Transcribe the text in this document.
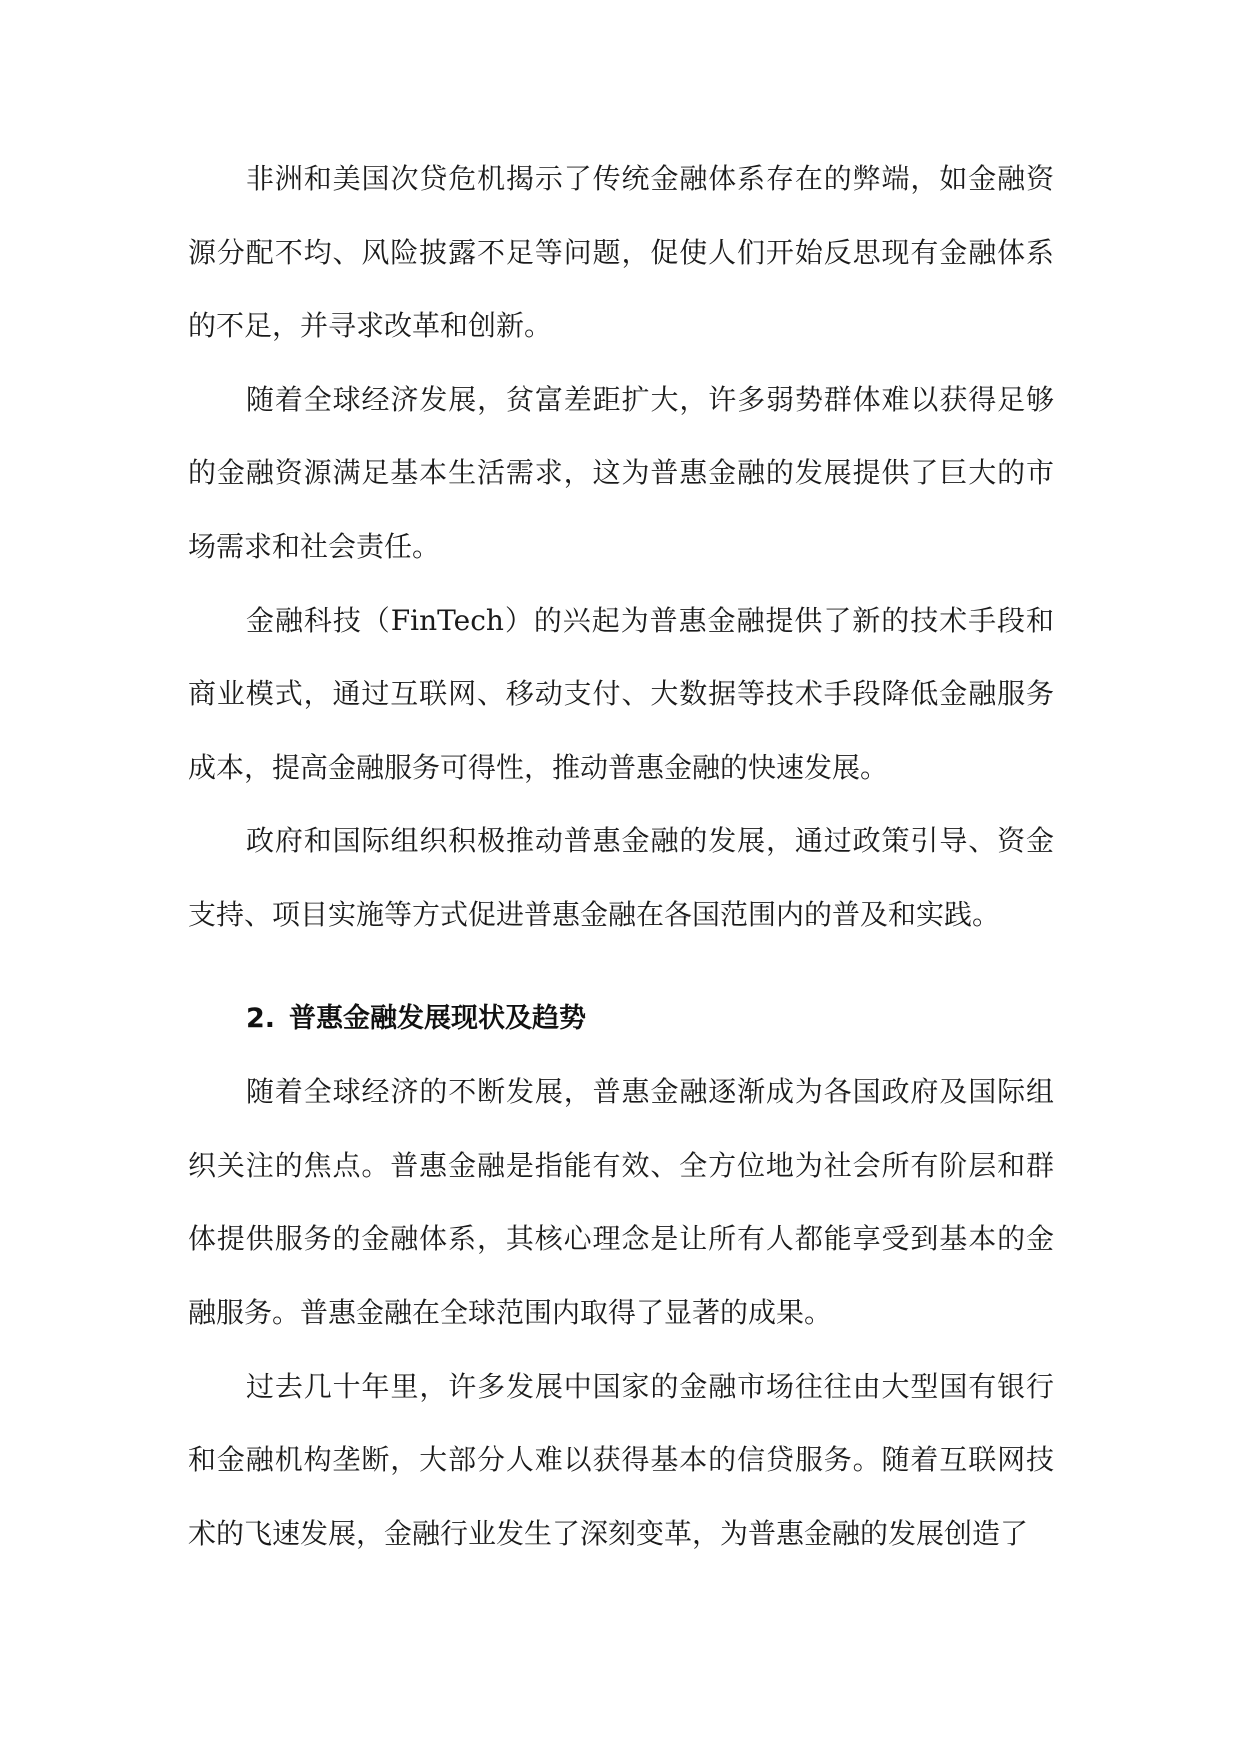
非洲和美国次贷危机揭示了传统金融体系存在的弊端，如金融资源分配不均、风险披露不足等问题，促使人们开始反思现有金融体系的不足，并寻求改革和创新。

随着全球经济发展，贫富差距扩大，许多弱势群体难以获得足够的金融资源满足基本生活需求，这为普惠金融的发展提供了巨大的市场需求和社会责任。

金融科技（FinTech）的兴起为普惠金融提供了新的技术手段和商业模式，通过互联网、移动支付、大数据等技术手段降低金融服务成本，提高金融服务可得性，推动普惠金融的快速发展。

政府和国际组织积极推动普惠金融的发展，通过政策引导、资金支持、项目实施等方式促进普惠金融在各国范围内的普及和实践。

2. 普惠金融发展现状及趋势

随着全球经济的不断发展，普惠金融逐渐成为各国政府及国际组织关注的焦点。普惠金融是指能有效、全方位地为社会所有阶层和群体提供服务的金融体系，其核心理念是让所有人都能享受到基本的金融服务。普惠金融在全球范围内取得了显著的成果。

过去几十年里，许多发展中国家的金融市场往往由大型国有银行和金融机构垄断，大部分人难以获得基本的信贷服务。随着互联网技术的飞速发展，金融行业发生了深刻变革，为普惠金融的发展创造了
